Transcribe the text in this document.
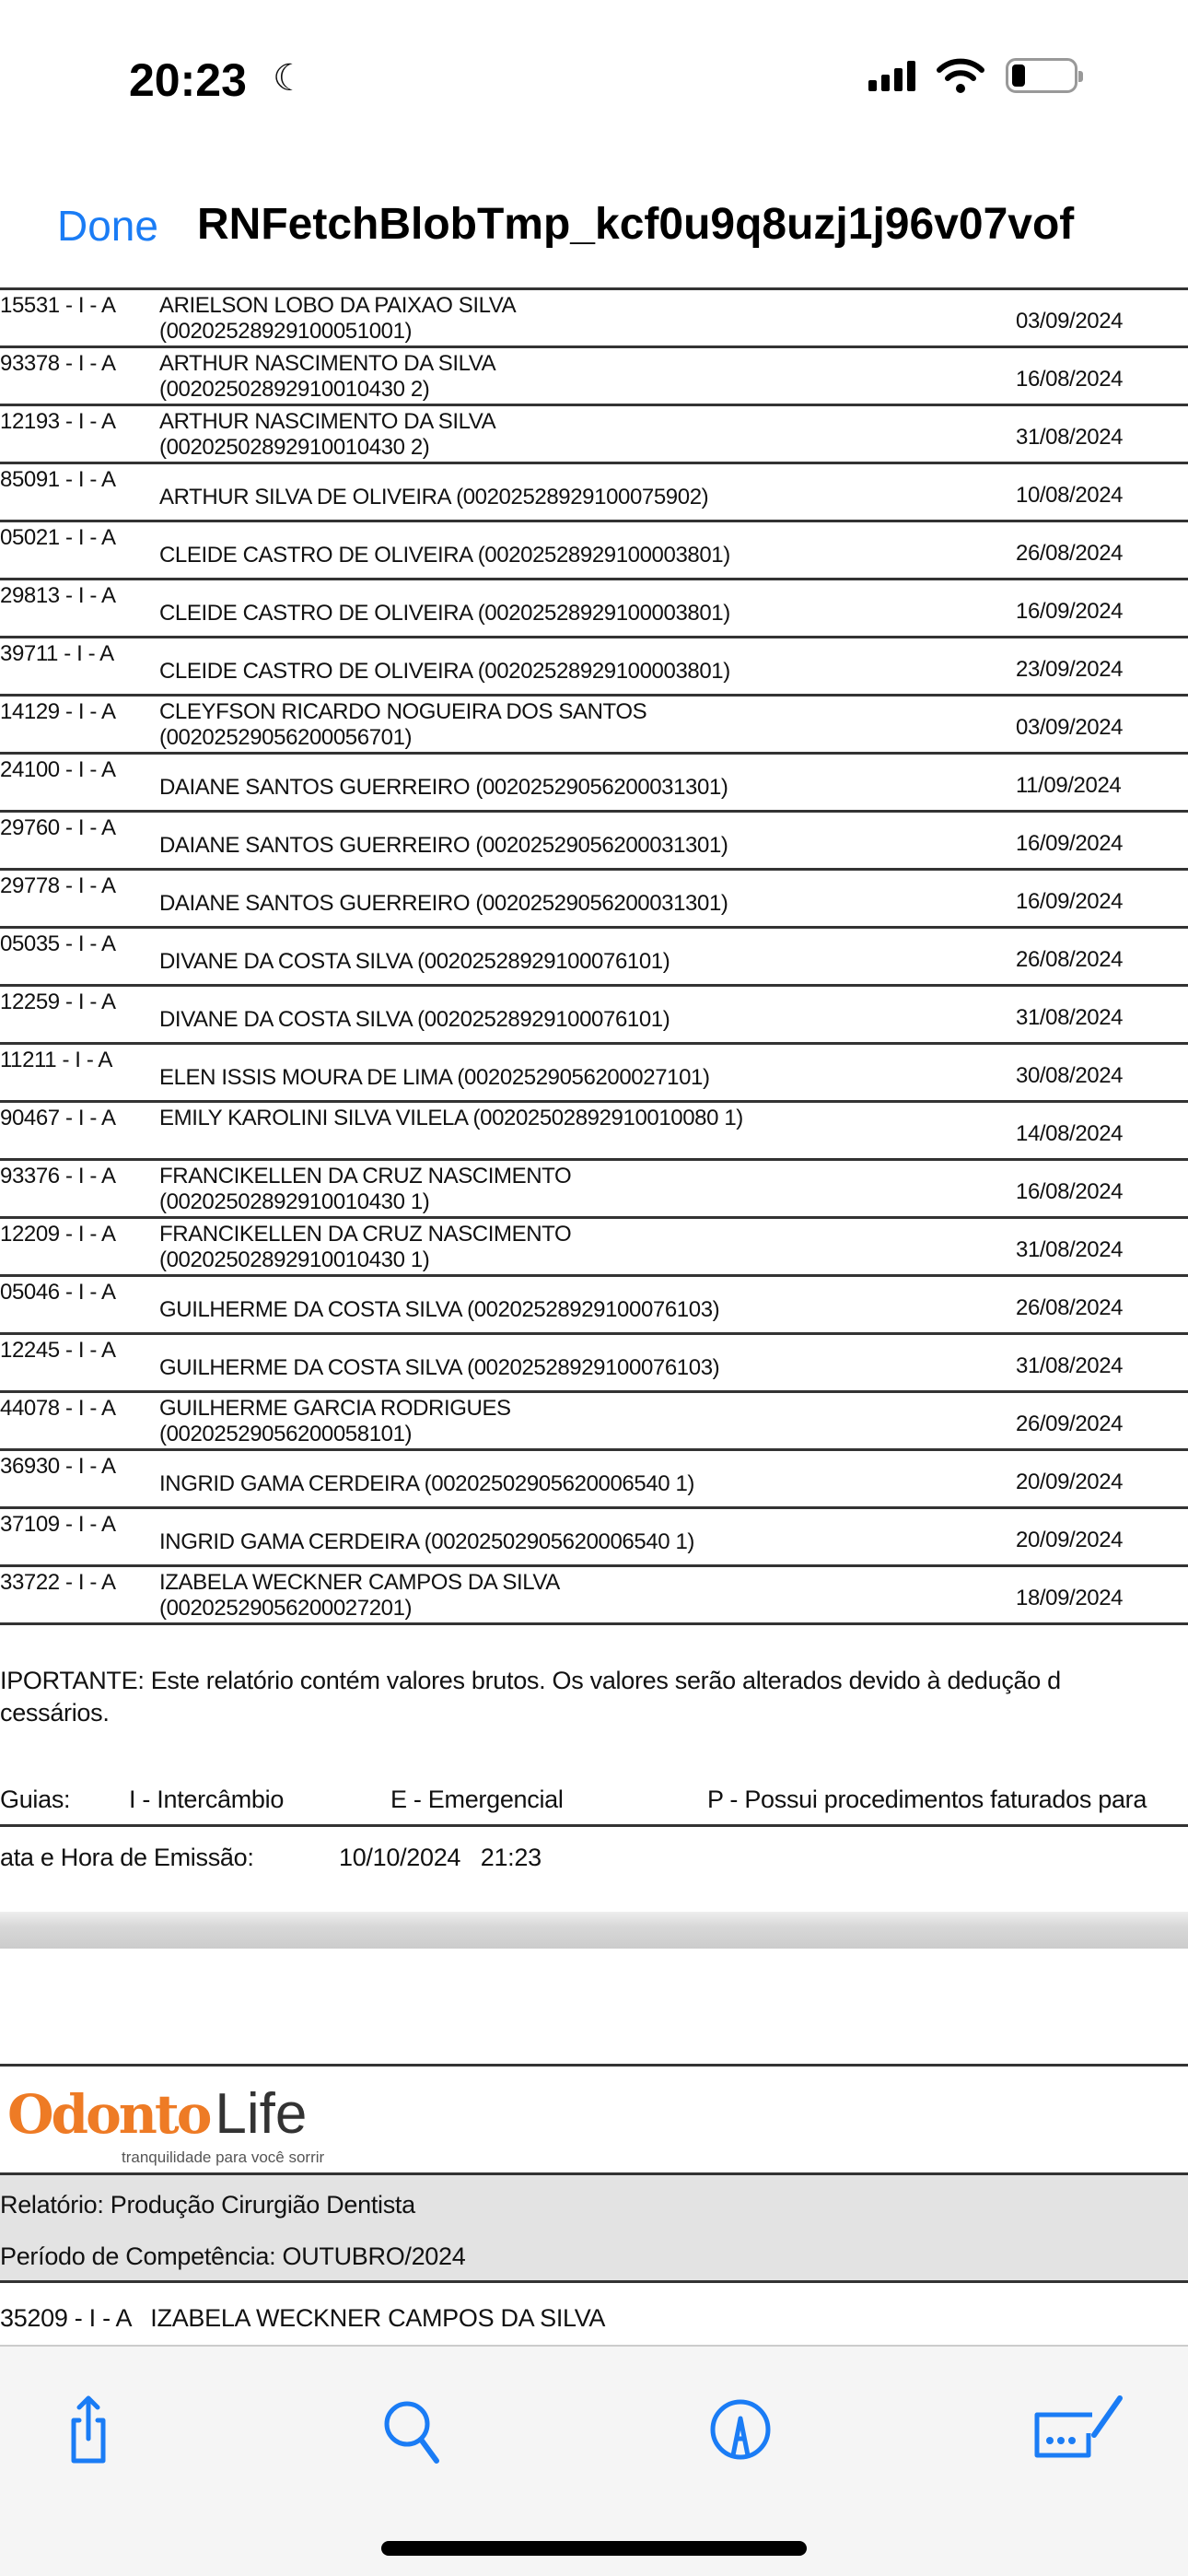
20:23 ☾
Done RNFetchBlobTmp_kcf0u9q8uzj1j96v07vof
15531 - I - A ARIELSON LOBO DA PAIXAO SILVA
(00202528929100051001)	03/09/2024
93378 - I - A ARTHUR NASCIMENTO DA SILVA
(00202502892910010430 2)	16/08/2024
12193 - I - A ARTHUR NASCIMENTO DA SILVA
(00202502892910010430 2)	31/08/2024
85091 - I - A
ARTHUR SILVA DE OLIVEIRA (00202528929100075902)	10/08/2024
05021 - I - A
CLEIDE CASTRO DE OLIVEIRA (00202528929100003801)	26/08/2024
29813 - I - A
CLEIDE CASTRO DE OLIVEIRA (00202528929100003801)	16/09/2024
39711 - I - A
CLEIDE CASTRO DE OLIVEIRA (00202528929100003801)	23/09/2024
14129 - I - A CLEYFSON RICARDO NOGUEIRA DOS SANTOS
(00202529056200056701)	03/09/2024
24100 - I - A
DAIANE SANTOS GUERREIRO (00202529056200031301)	11/09/2024
29760 - I - A
DAIANE SANTOS GUERREIRO (00202529056200031301)	16/09/2024
29778 - I - A
DAIANE SANTOS GUERREIRO (00202529056200031301)	16/09/2024
05035 - I - A
DIVANE DA COSTA SILVA (00202528929100076101)	26/08/2024
12259 - I - A
DIVANE DA COSTA SILVA (00202528929100076101)	31/08/2024
11211 - I - A
ELEN ISSIS MOURA DE LIMA (00202529056200027101)	30/08/2024
90467 - I - A EMILY KAROLINI SILVA VILELA (00202502892910010080 1)
14/08/2024
93376 - I - A FRANCIKELLEN DA CRUZ NASCIMENTO
(00202502892910010430 1)	16/08/2024
12209 - I - A FRANCIKELLEN DA CRUZ NASCIMENTO
(00202502892910010430 1)	31/08/2024
05046 - I - A
GUILHERME DA COSTA SILVA (00202528929100076103)	26/08/2024
12245 - I - A
GUILHERME DA COSTA SILVA (00202528929100076103)	31/08/2024
44078 - I - A GUILHERME GARCIA RODRIGUES
(00202529056200058101)	26/09/2024
36930 - I - A
INGRID GAMA CERDEIRA (00202502905620006540 1)	20/09/2024
37109 - I - A
INGRID GAMA CERDEIRA (00202502905620006540 1)	20/09/2024
33722 - I - A IZABELA WECKNER CAMPOS DA SILVA
(00202529056200027201)	18/09/2024
IPORTANTE: Este relatório contém valores brutos. Os valores serão alterados devido à dedução d
cessários.
Guias: I - Intercâmbio	E - Emergencial	P - Possui procedimentos faturados para
ata e Hora de Emissão:	10/10/2024   21:23
OdontoLife
tranquilidade para você sorrir
Relatório: Produção Cirurgião Dentista
Período de Competência: OUTUBRO/2024
35209 - I - A   IZABELA WECKNER CAMPOS DA SILVA
